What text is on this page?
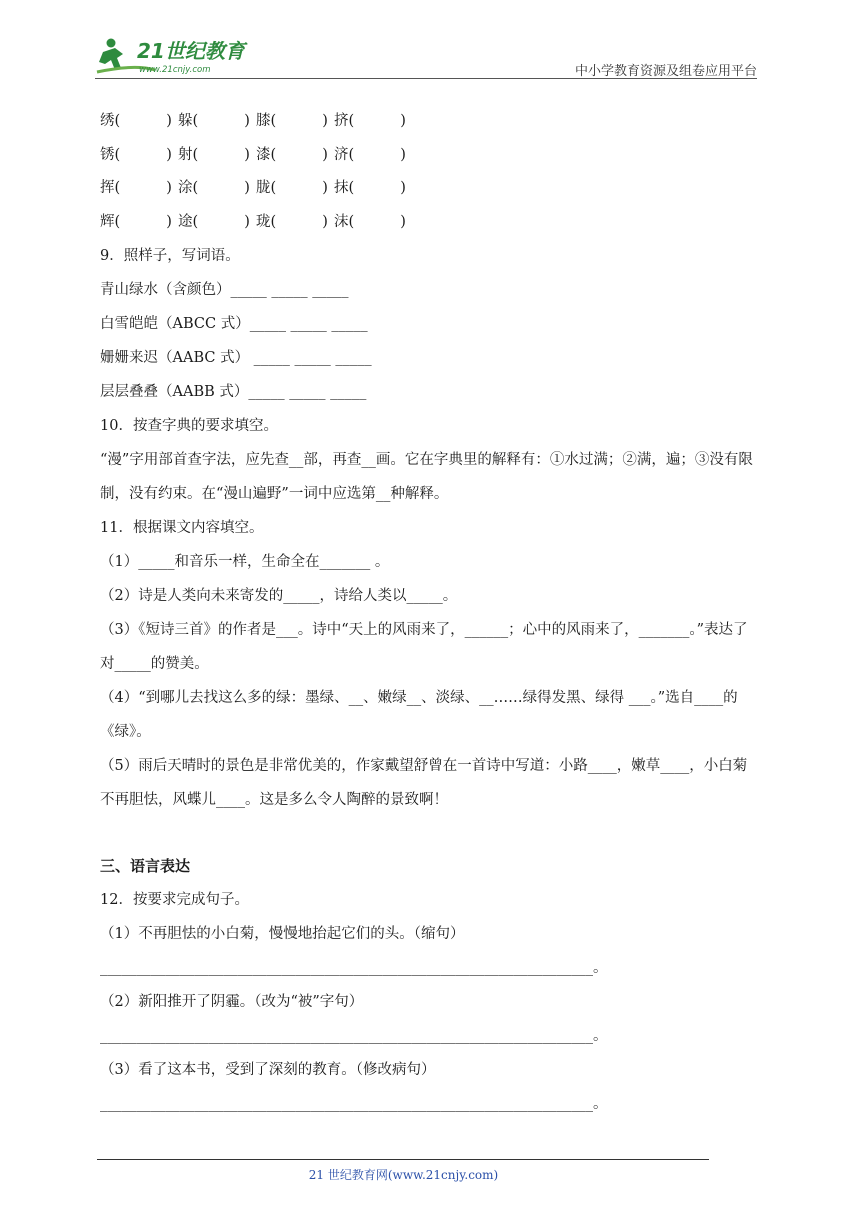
21世纪教育
www.21cnjy.com	中小学教育资源及组卷应用平台
绣(          ) 躲(          ) 膝(          ) 挤(          )
锈(          ) 射(          ) 漆(          ) 济(          )
挥(          ) 涂(          ) 胧(          ) 抹(          )
辉(          ) 途(          ) 珑(          ) 沫(          )
9．照样子，写词语。
青山绿水（含颜色）_____ _____ _____
白雪皑皑（ABCC 式）_____ _____ _____
姗姗来迟（AABC 式） _____ _____ _____
层层叠叠（AABB 式）_____ _____ _____
10．按查字典的要求填空。
“漫”字用部首查字法，应先查__部，再查__画。它在字典里的解释有：①水过满；②满，遍；③没有限制，没有约束。在“漫山遍野”一词中应选第__种解释。
11．根据课文内容填空。
（1）_____和音乐一样，生命全在_______ 。
（2）诗是人类向未来寄发的_____，诗给人类以_____。
（3）《短诗三首》的作者是___。诗中“天上的风雨来了，______；心中的风雨来了，_______。”表达了对_____的赞美。
（4）“到哪儿去找这么多的绿：墨绿、__、嫩绿__、淡绿、__……绿得发黑、绿得 ___。”选自____的《绿》。
（5）雨后天晴时的景色是非常优美的，作家戴望舒曾在一首诗中写道：小路____，嫩草____，小白菊不再胆怯，风蝶儿____。这是多么令人陶醉的景致啊！
三、语言表达
12．按要求完成句子。
（1）不再胆怯的小白菊，慢慢地抬起它们的头。（缩句）
____________________________________________________________________。
（2）新阳推开了阴霾。（改为“被”字句）
____________________________________________________________________。
（3）看了这本书，受到了深刻的教育。（修改病句）
____________________________________________________________________。
21 世纪教育网(www.21cnjy.com)
